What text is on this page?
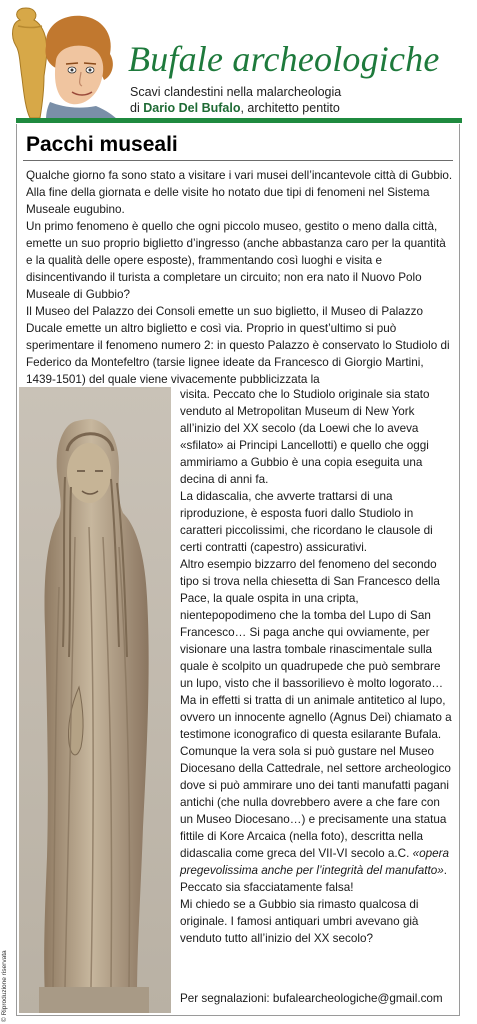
Bufale archeologiche
Scavi clandestini nella malarcheologia
di Dario Del Bufalo, architetto pentito
Pacchi museali

Qualche giorno fa sono stato a visitare i vari musei dell’incantevole città di Gubbio. Alla fine della giornata e delle visite ho notato due tipi di fenomeni nel Sistema Museale eugubino.

Un primo fenomeno è quello che ogni piccolo museo, gestito o meno dalla città, emette un suo proprio biglietto d’ingresso (anche abbastanza caro per la quantità e la qualità delle opere esposte), frammentando così luoghi e visita e disincentivando il turista a completare un circuito; non era nato il Nuovo Polo Museale di Gubbio?

Il Museo del Palazzo dei Consoli emette un suo biglietto, il Museo di Palazzo Ducale emette un altro biglietto e così via. Proprio in quest’ultimo si può sperimentare il fenomeno numero 2: in questo Palazzo è conservato lo Studiolo di Federico da Montefeltro (tarsie lignee ideate da Francesco di Giorgio Martini, 1439-1501) del quale viene vivacemente pubblicizzata la

visita. Peccato che lo Studiolo originale sia stato venduto al Metropolitan Museum di New York all’inizio del XX secolo (da Loewi che lo aveva «sfilato» ai Principi Lancellotti) e quello che oggi ammiriamo a Gubbio è una copia eseguita una decina di anni fa.

La didascalia, che avverte trattarsi di una riproduzione, è esposta fuori dallo Studiolo in caratteri piccolissimi, che ricordano le clausole di certi contratti (capestro) assicurativi.

Altro esempio bizzarro del fenomeno del secondo tipo si trova nella chiesetta di San Francesco della Pace, la quale ospita in una cripta, nientepopodimeno che la tomba del Lupo di San Francesco… Si paga anche qui ovviamente, per visionare una lastra tombale rinascimentale sulla quale è scolpito un quadrupede che può sembrare un lupo, visto che il bassorilievo è molto logorato… Ma in effetti si tratta di un animale antitetico al lupo, ovvero un innocente agnello (Agnus Dei) chiamato a testimone iconografico di questa esilarante Bufala.

Comunque la vera sola si può gustare nel Museo Diocesano della Cattedrale, nel settore archeologico dove si può ammirare uno dei tanti manufatti pagani antichi (che nulla dovrebbero avere a che fare con un Museo Diocesano…) e precisamente una statua fittile di Kore Arcaica (nella foto), descritta nella didascalia come greca del VII-VI secolo a.C. «opera pregevolissima anche per l’integrità del manufatto». Peccato sia sfacciatamente falsa!

Mi chiedo se a Gubbio sia rimasto qualcosa di originale. I famosi antiquari umbri avevano già venduto tutto all’inizio del XX secolo?

Per segnalazioni: bufalearcheologiche@gmail.com
© Riproduzione riservata
